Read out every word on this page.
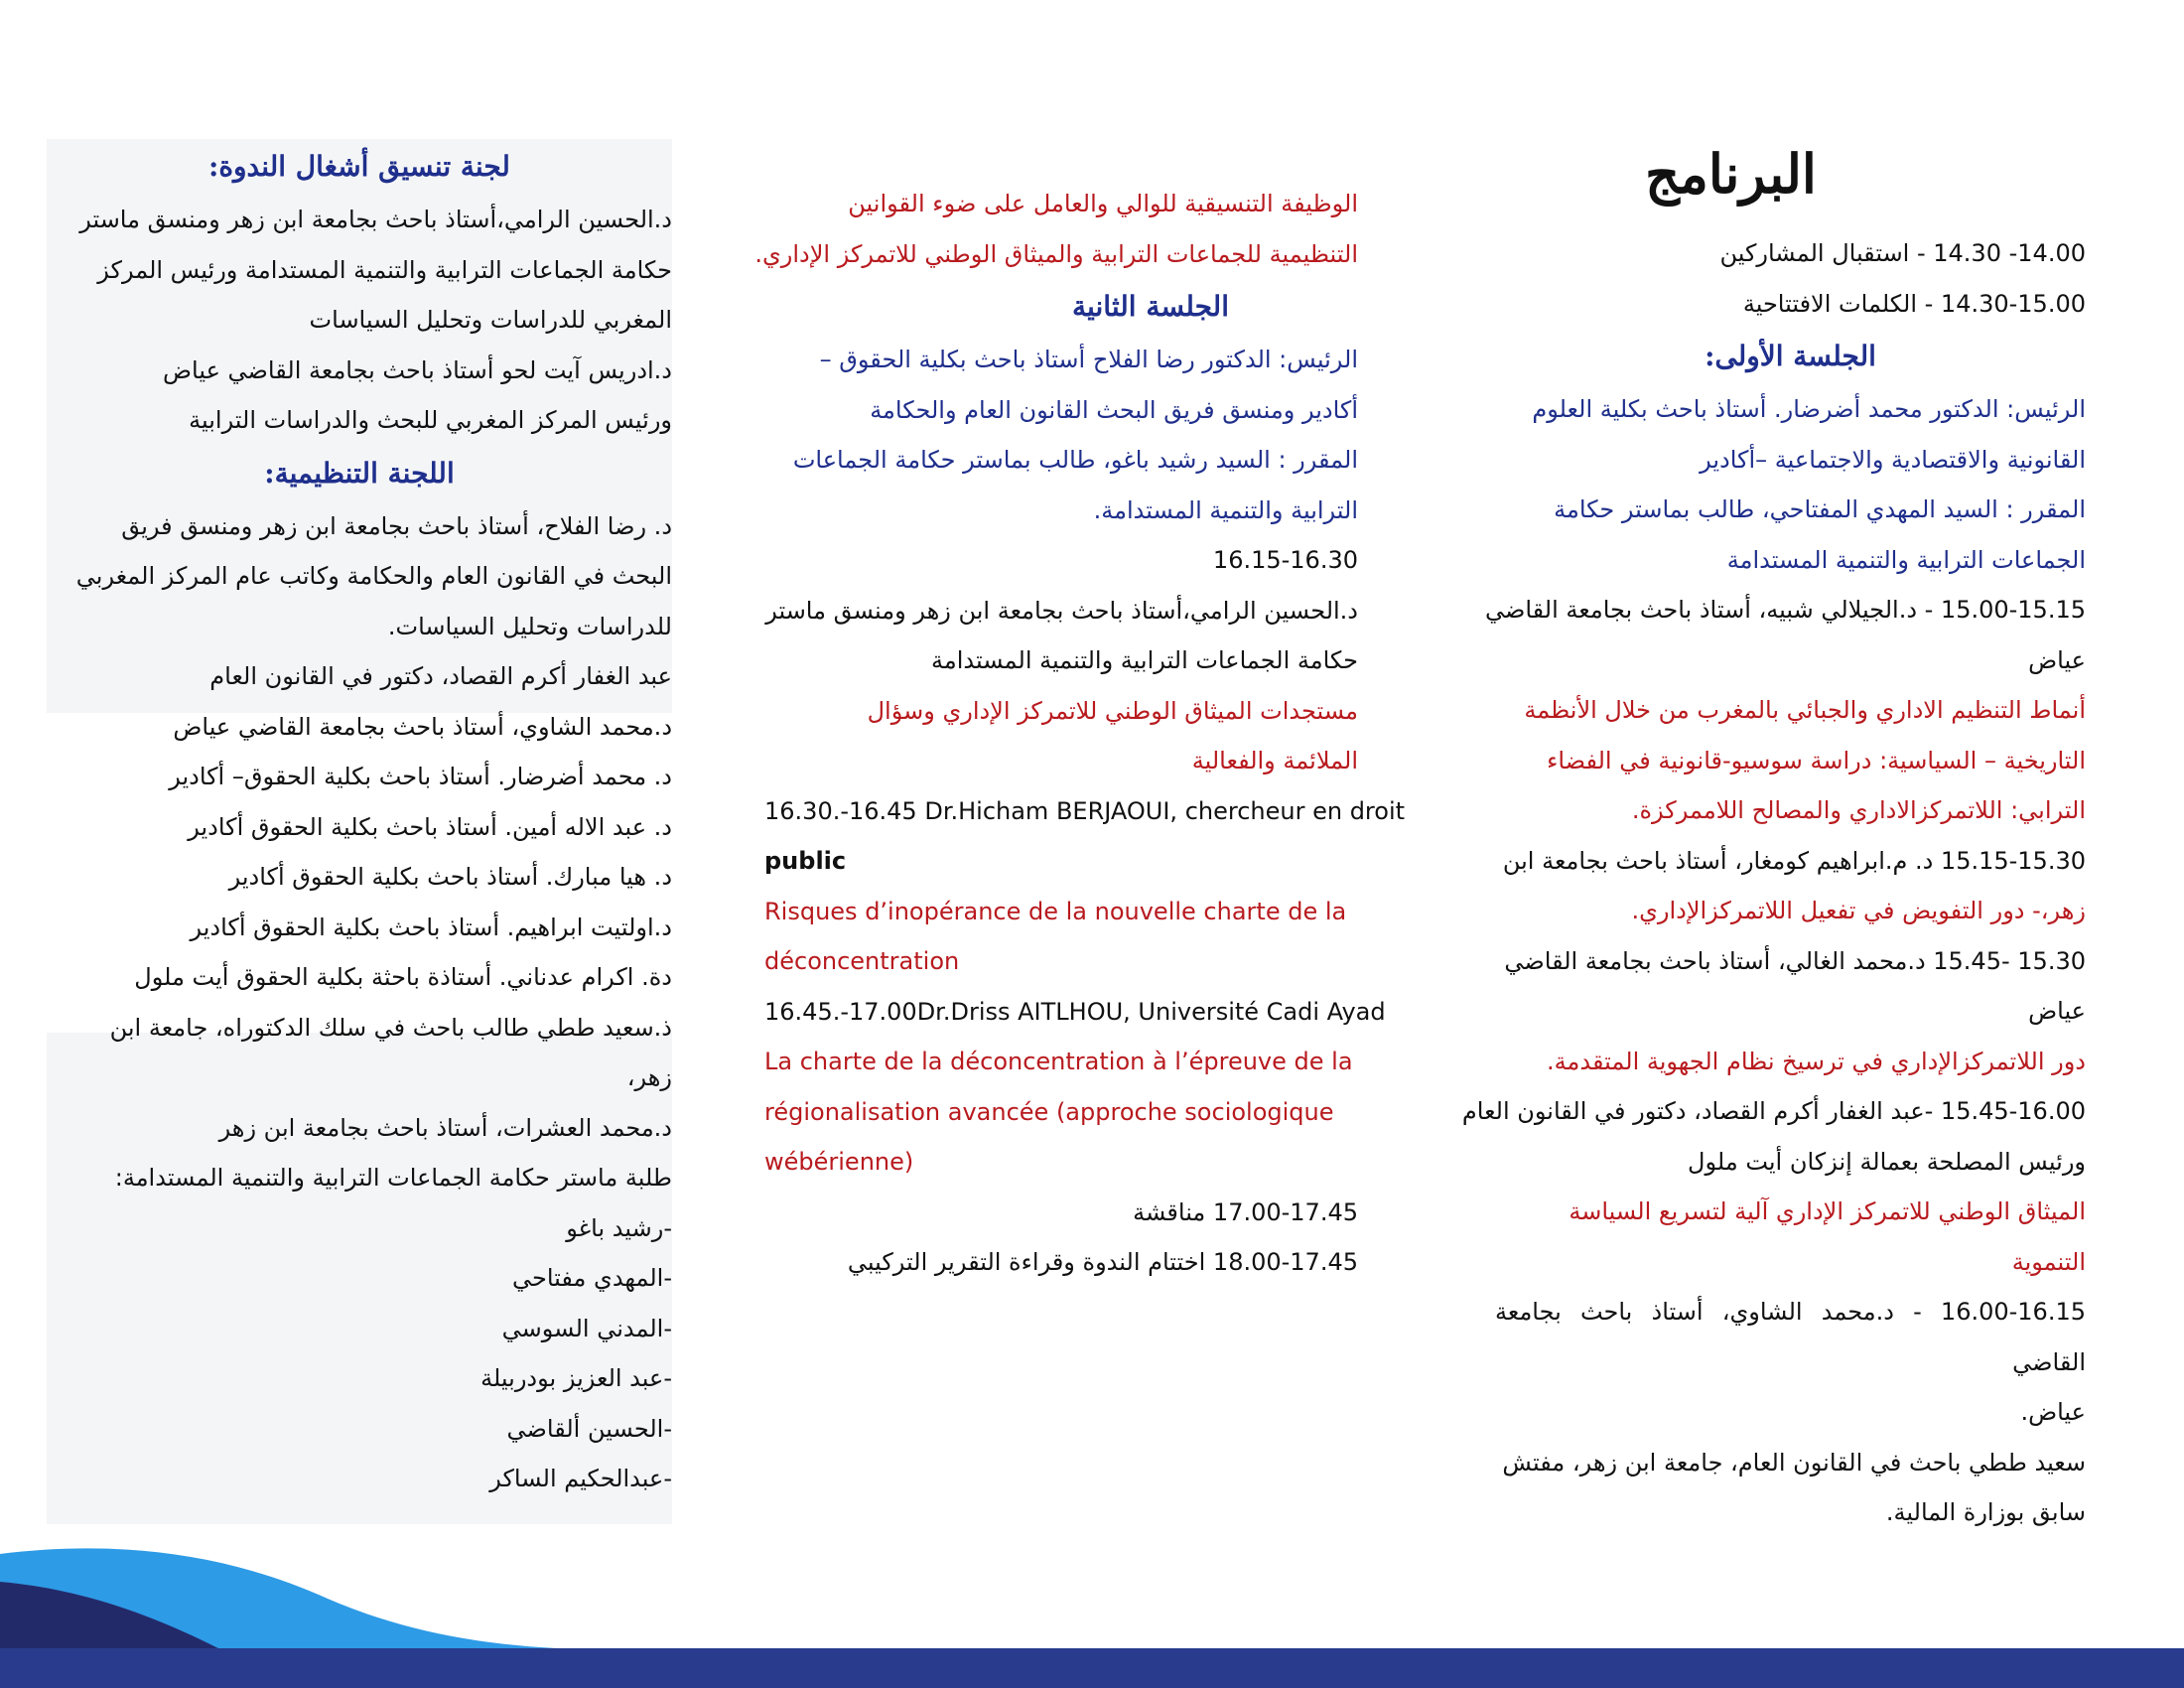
البرنامج

14.00- 14.30 - استقبال المشاركين

14.30-15.00 - الكلمات الافتتاحية

الجلسة الأولى:

الرئيس: الدكتور محمد أضرضار. أستاذ باحث بكلية العلوم

القانونية والاقتصادية والاجتماعية –أكادير

المقرر : السيد المهدي المفتاحي، طالب بماستر حكامة

الجماعات الترابية والتنمية المستدامة

15.00-15.15 - د.الجيلالي شبيه، أستاذ باحث بجامعة القاضي

عياض

أنماط التنظيم الاداري والجبائي بالمغرب من خلال الأنظمة

التاريخية – السياسية: دراسة سوسيو-قانونية في الفضاء

الترابي: اللاتمركزالاداري والمصالح اللاممركزة.

15.15-15.30 د. م.ابراهيم كومغار، أستاذ باحث بجامعة ابن

زهر،- دور التفويض في تفعيل اللاتمركزالإداري.

15.30 -15.45 د.محمد الغالي، أستاذ باحث بجامعة القاضي

عياض

دور اللاتمركزالإداري في ترسيخ نظام الجهوية المتقدمة.

15.45-16.00 -عبد الغفار أكرم القصاد، دكتور في القانون العام

ورئيس المصلحة بعمالة إنزكان أيت ملول

الميثاق الوطني للاتمركز الإداري آلية لتسريع السياسة

التنموية

16.00-16.15 - د.محمد الشاوي، أستاذ باحث بجامعة القاضي

عياض.

سعيد ططي باحث في القانون العام، جامعة ابن زهر، مفتش

سابق بوزارة المالية.

الوظيفة التنسيقية للوالي والعامل على ضوء القوانين

التنظيمية للجماعات الترابية والميثاق الوطني للاتمركز الإداري.

الجلسة الثانية

الرئيس: الدكتور رضا الفلاح أستاذ باحث بكلية الحقوق –

أكادير ومنسق فريق البحث القانون العام والحكامة

المقرر : السيد رشيد باغو، طالب بماستر حكامة الجماعات

الترابية والتنمية المستدامة.

16.15-16.30

د.الحسين الرامي،أستاذ باحث بجامعة ابن زهر ومنسق ماستر

حكامة الجماعات الترابية والتنمية المستدامة

مستجدات الميثاق الوطني للاتمركز الإداري وسؤال

الملائمة والفعالية

16.30.-16.45 Dr.Hicham BERJAOUI, chercheur en droit

public

Risques d’inopérance de la nouvelle charte de la

déconcentration

16.45.-17.00Dr.Driss AITLHOU, Université Cadi Ayad

La charte de la déconcentration à l’épreuve de la

régionalisation avancée (approche sociologique

wébérienne)

17.00-17.45 مناقشة

18.00-17.45 اختتام الندوة وقراءة التقرير التركيبي

لجنة تنسيق أشغال الندوة:

د.الحسين الرامي،أستاذ باحث بجامعة ابن زهر ومنسق ماستر

حكامة الجماعات الترابية والتنمية المستدامة ورئيس المركز

المغربي للدراسات وتحليل السياسات

د.ادريس آيت لحو أستاذ باحث بجامعة القاضي عياض

ورئيس المركز المغربي للبحث والدراسات الترابية

اللجنة التنظيمية:

د. رضا الفلاح، أستاذ باحث بجامعة ابن زهر ومنسق فريق

البحث في القانون العام والحكامة وكاتب عام المركز المغربي

للدراسات وتحليل السياسات.

عبد الغفار أكرم القصاد، دكتور في القانون العام

د.محمد الشاوي، أستاذ باحث بجامعة القاضي عياض

د. محمد أضرضار. أستاذ باحث بكلية الحقوق– أكادير

د. عبد الاله أمين. أستاذ باحث بكلية الحقوق أكادير

د. هيا مبارك. أستاذ باحث بكلية الحقوق أكادير

د.اولتيت ابراهيم. أستاذ باحث بكلية الحقوق أكادير

دة. اكرام عدناني. أستاذة باحثة بكلية الحقوق أيت ملول

ذ.سعيد ططي طالب باحث في سلك الدكتوراه، جامعة ابن

زهر،

د.محمد العشرات، أستاذ باحث بجامعة ابن زهر

طلبة ماستر حكامة الجماعات الترابية والتنمية المستدامة:

-رشيد باغو

-المهدي مفتاحي

-المدني السوسي

-عبد العزيز بودربيلة

-الحسين ألقاضي

-عبدالحكيم الساكر
